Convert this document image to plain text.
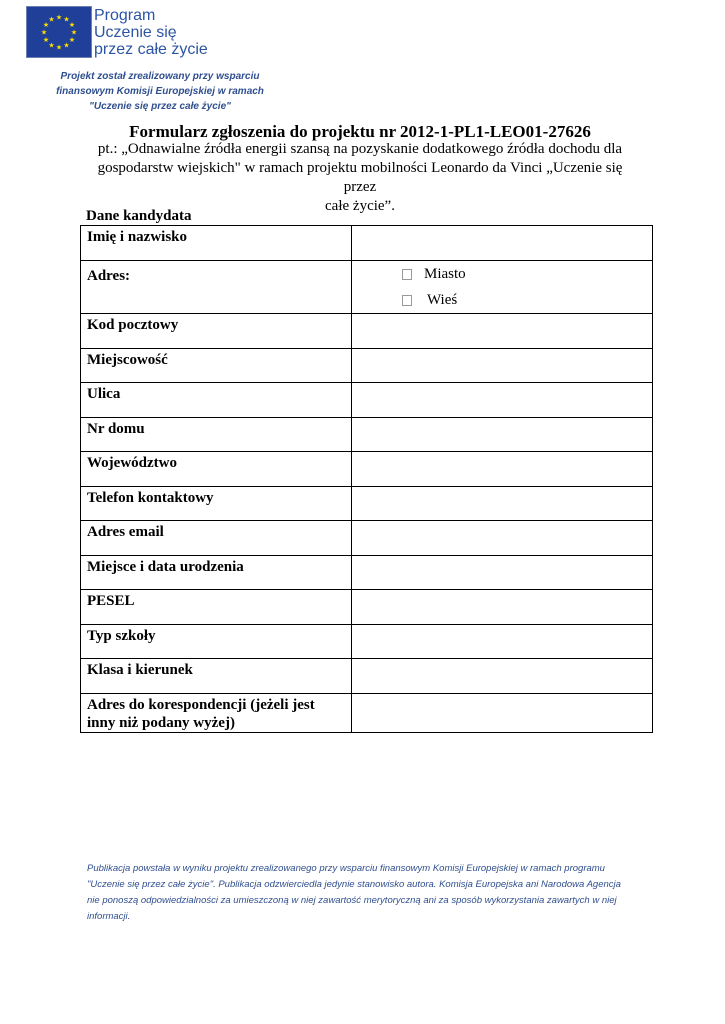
★ ★
★
★
★
★
★
★
★
★
★
★ Program
Uczenie się
przez całe życie
Projekt został zrealizowany przy wsparciu
finansowym Komisji Europejskiej w ramach
"Uczenie się przez całe życie"
Formularz zgłoszenia do projektu nr 2012-1-PL1-LEO01-27626
pt.: „Odnawialne źródła energii szansą na pozyskanie dodatkowego źródła dochodu dla
gospodarstw wiejskich" w ramach projektu mobilności Leonardo da Vinci „Uczenie się przez
całe życie”.
Dane kandydata
Imię i nazwisko	
Adres:	Miasto
Wieś

Kod pocztowy	
Miejscowość	
Ulica	
Nr domu	
Województwo	
Telefon kontaktowy	
Adres email	
Miejsce i data urodzenia	
PESEL	
Typ szkoły	
Klasa i kierunek	

Adres do korespondencji (jeżeli jest
inny niż podany wyżej)	

Publikacja powstała w wyniku projektu zrealizowanego przy wsparciu finansowym Komisji Europejskiej w ramach programu
"Uczenie się przez całe życie". Publikacja odzwierciedla jedynie stanowisko autora. Komisja Europejska ani Narodowa Agencja
nie ponoszą odpowiedzialności za umieszczoną w niej zawartość merytoryczną ani za sposób wykorzystania zawartych w niej
informacji.
